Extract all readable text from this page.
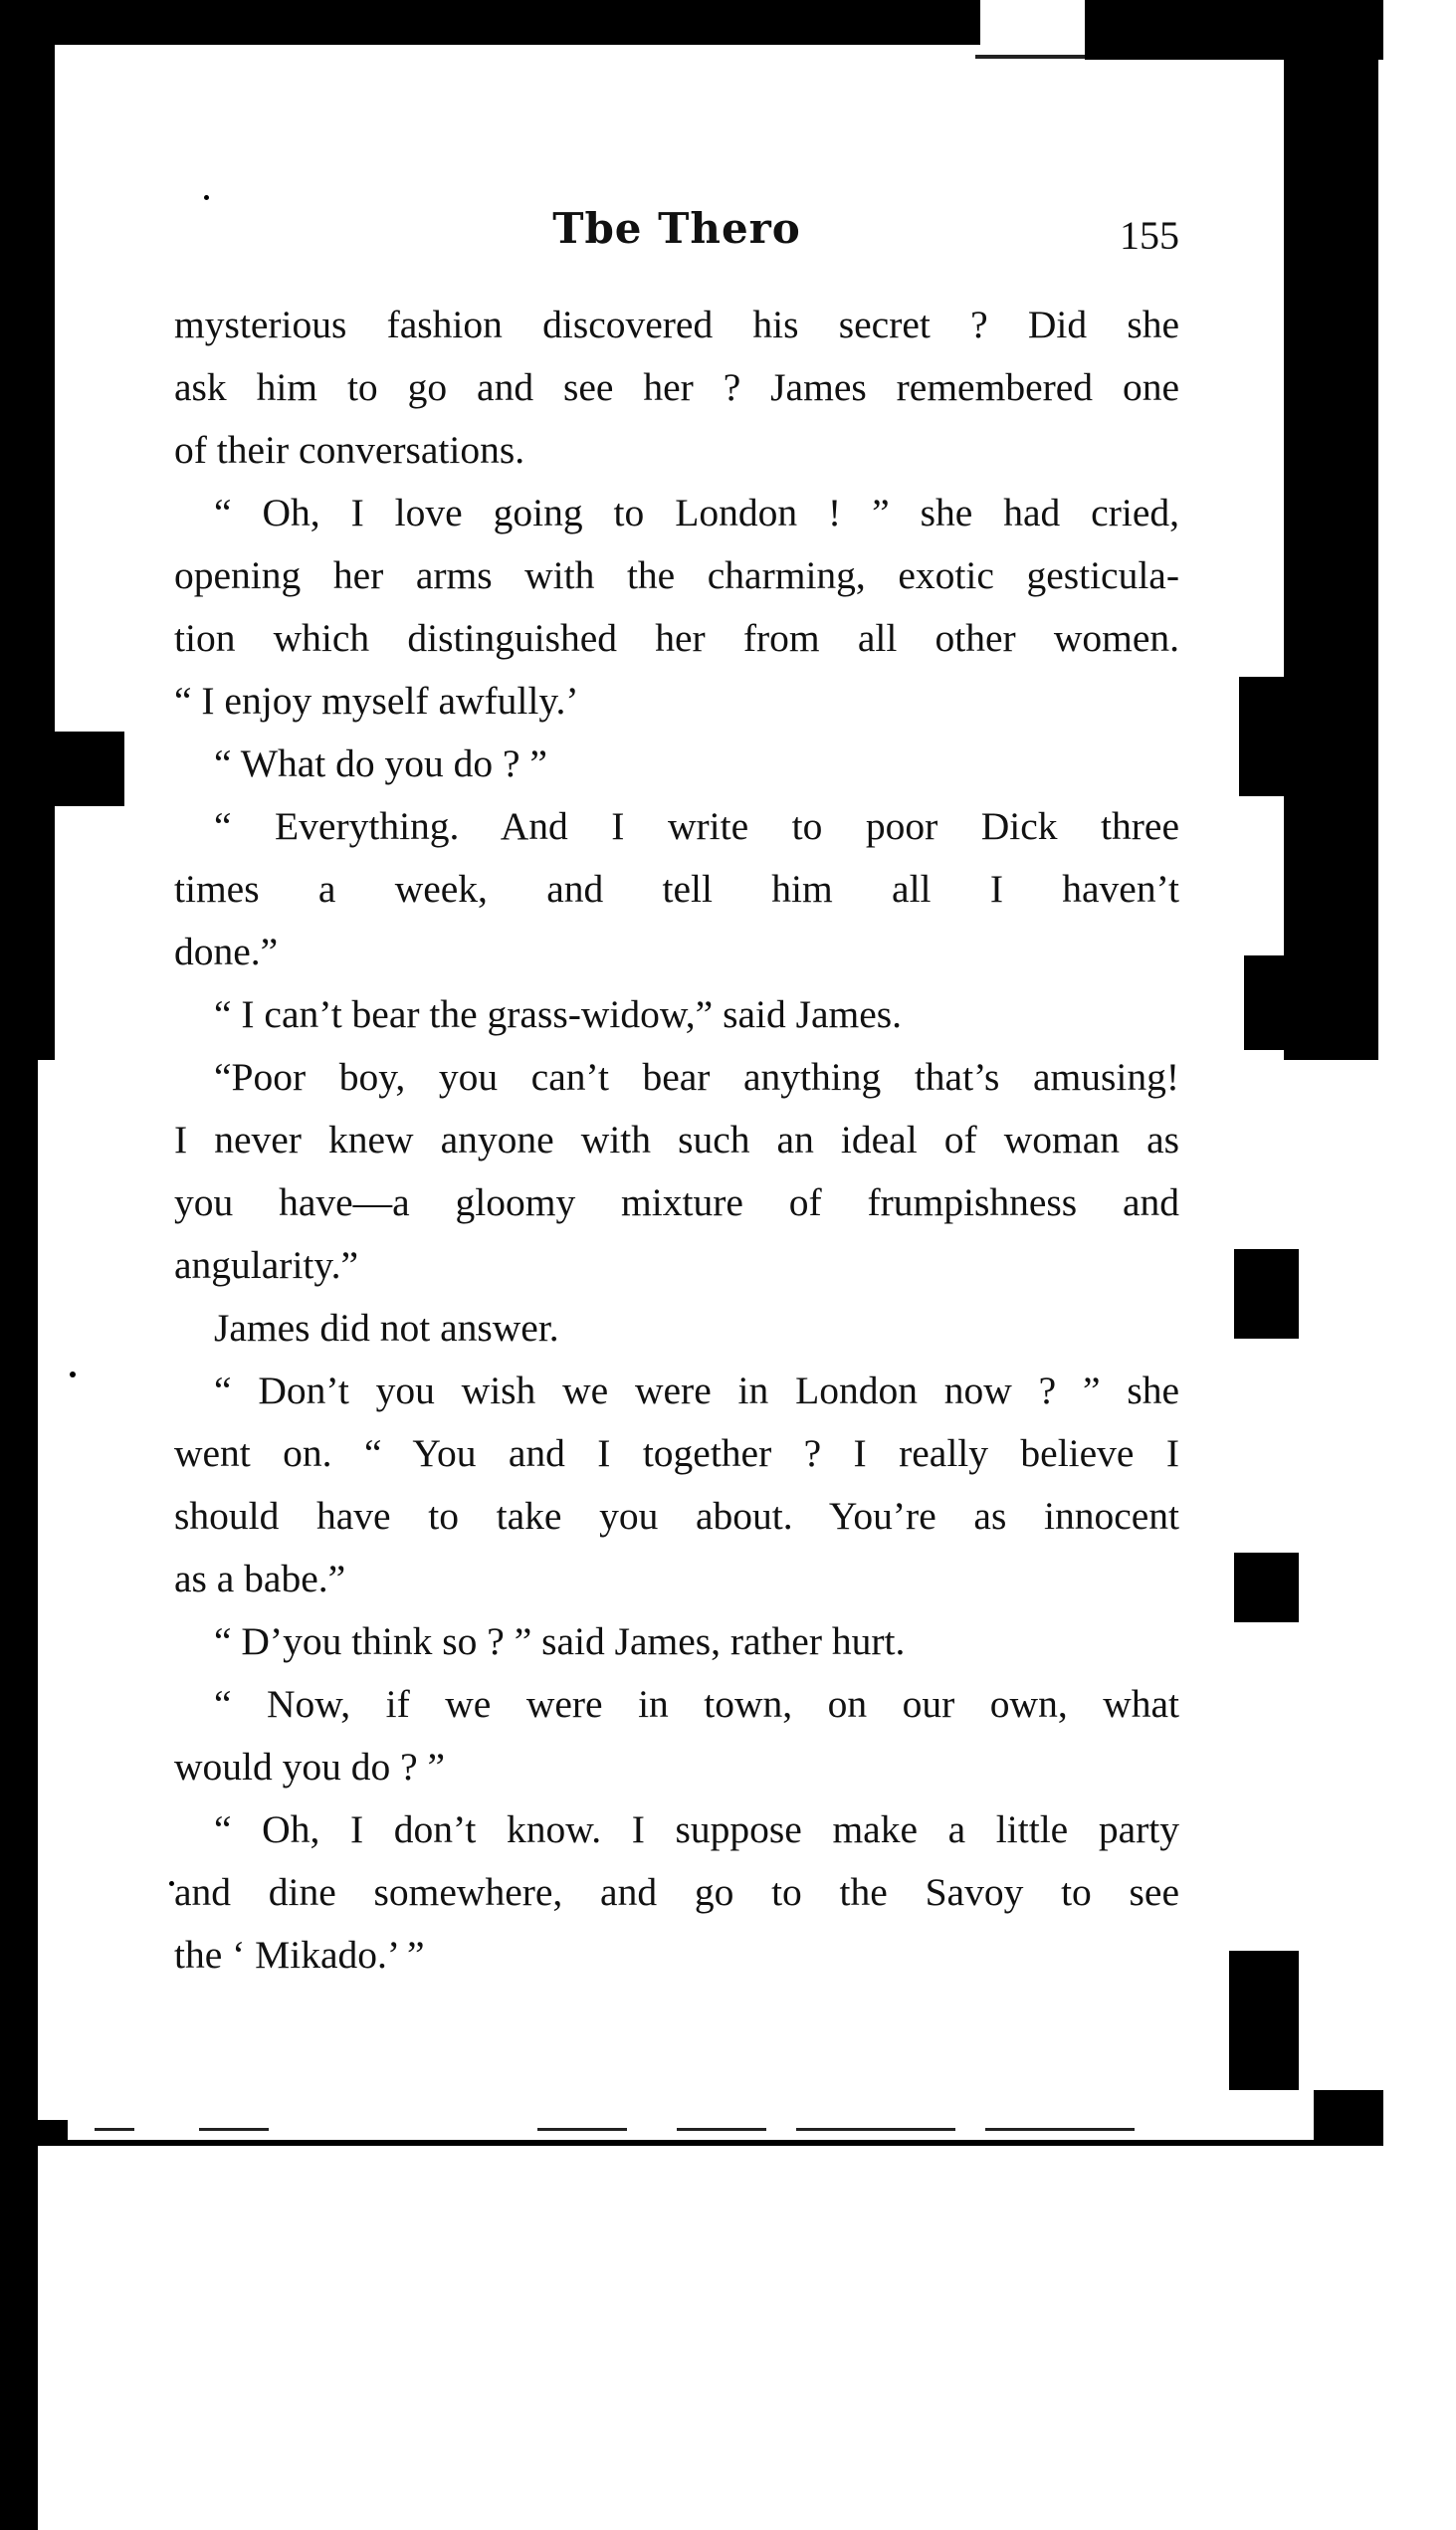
Tbe Thero	155
mysterious fashion discovered his secret ? Did she
ask him to go and see her ? James remembered one
of their conversations.
“ Oh, I love going to London ! ” she had cried,
opening her arms with the charming, exotic gesticula-
tion which distinguished her from all other women.
“ I enjoy myself awfully.’
“ What do you do ? ”
“ Everything. And I write to poor Dick three
times a week, and tell him all I haven’t
done.”
“ I can’t bear the grass-widow,” said James.
“Poor boy, you can’t bear anything that’s amusing!
I never knew anyone with such an ideal of woman as
you have—a gloomy mixture of frumpishness and
angularity.”
James did not answer.
“ Don’t you wish we were in London now ? ” she
went on. “ You and I together ? I really believe I
should have to take you about. You’re as innocent
as a babe.”
“ D’you think so ? ” said James, rather hurt.
“ Now, if we were in town, on our own, what
would you do ? ”
“ Oh, I don’t know. I suppose make a little party
and dine somewhere, and go to the Savoy to see
the ‘ Mikado.’ ”
